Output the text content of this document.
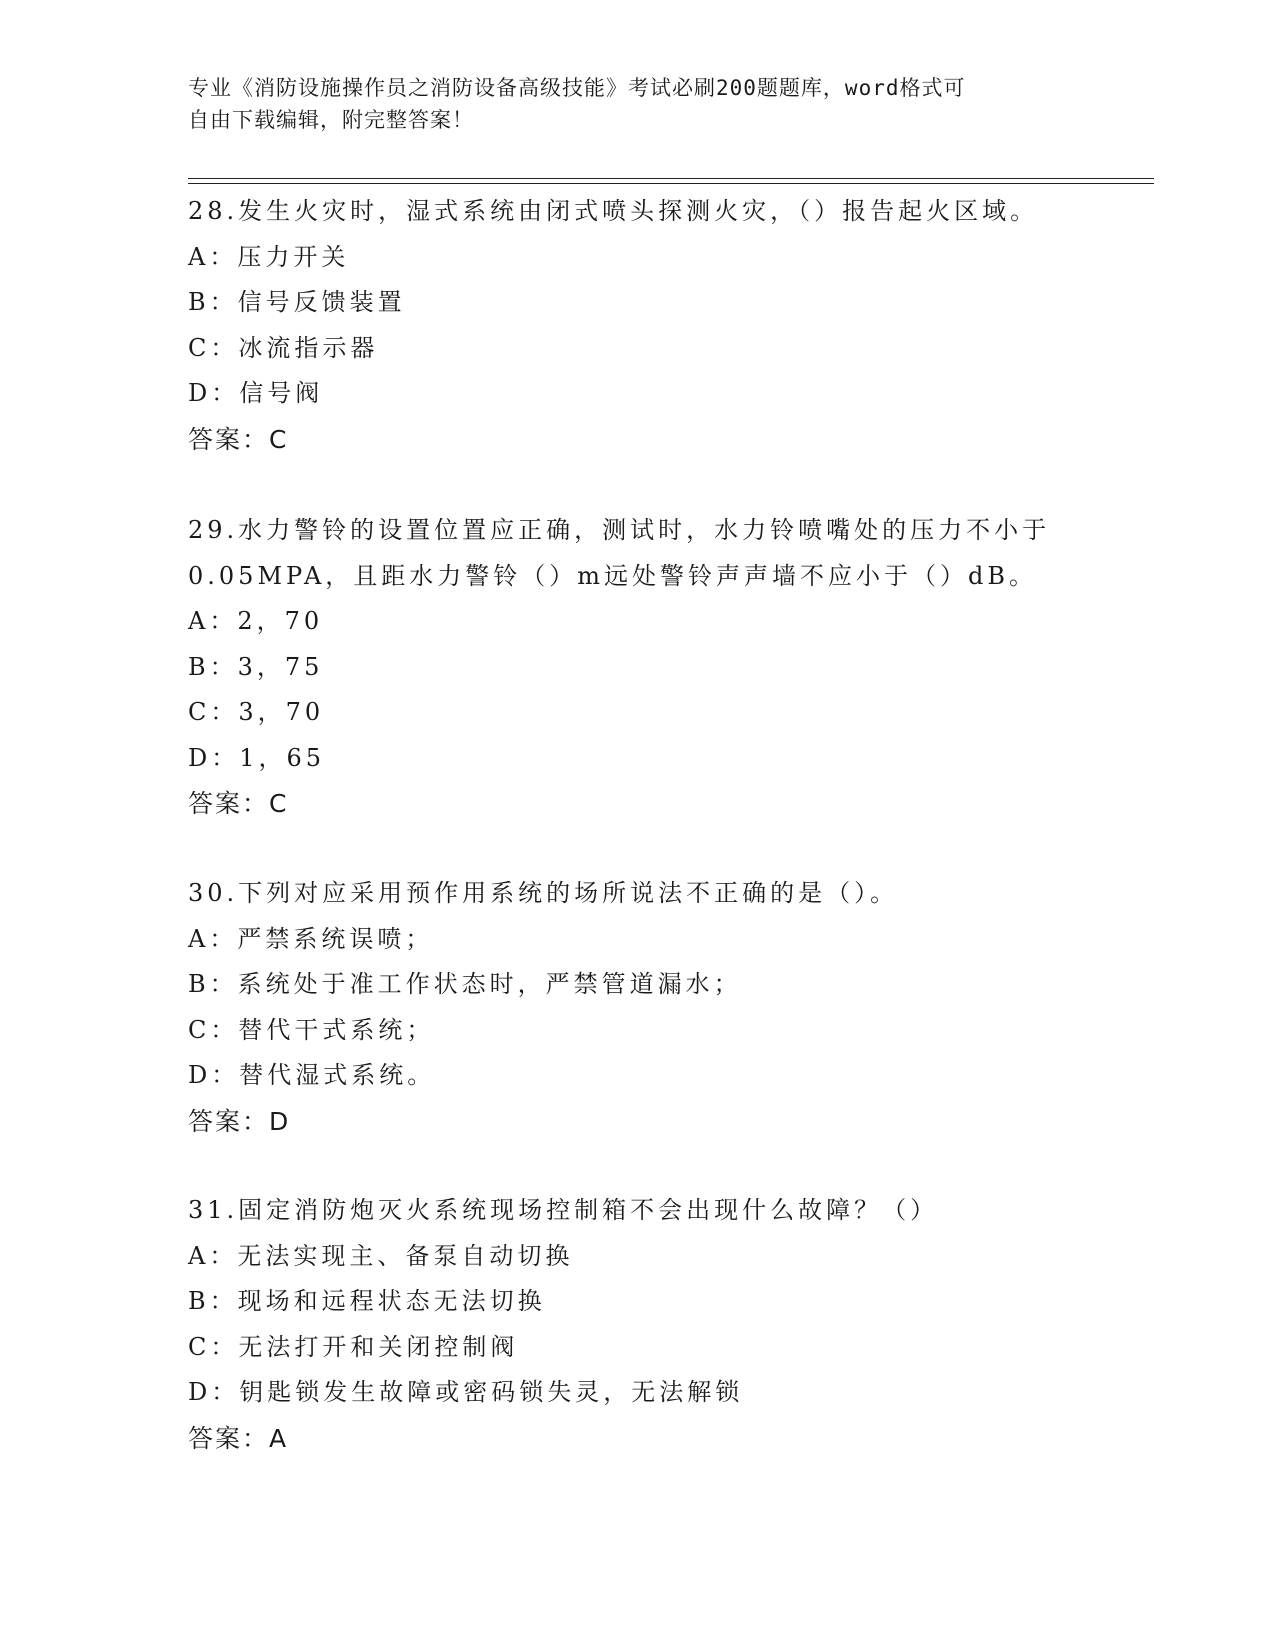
专业《消防设施操作员之消防设备高级技能》考试必刷200题题库，word格式可
自由下载编辑，附完整答案！
28.发生火灾时，湿式系统由闭式喷头探测火灾，（）报告起火区域。
A：压力开关
B：信号反馈装置
C：冰流指示器
D：信号阀
答案：C
29.水力警铃的设置位置应正确，测试时，水力铃喷嘴处的压力不小于
0.05MPA，且距水力警铃（）m远处警铃声声墙不应小于（）dB。
A：2，70
B：3，75
C：3，70
D：1，65
答案：C
30.下列对应采用预作用系统的场所说法不正确的是（）。
A：严禁系统误喷；
B：系统处于准工作状态时，严禁管道漏水；
C：替代干式系统；
D：替代湿式系统。
答案：D
31.固定消防炮灭火系统现场控制箱不会出现什么故障？（）
A：无法实现主、备泵自动切换
B：现场和远程状态无法切换
C：无法打开和关闭控制阀
D：钥匙锁发生故障或密码锁失灵，无法解锁
答案：A
